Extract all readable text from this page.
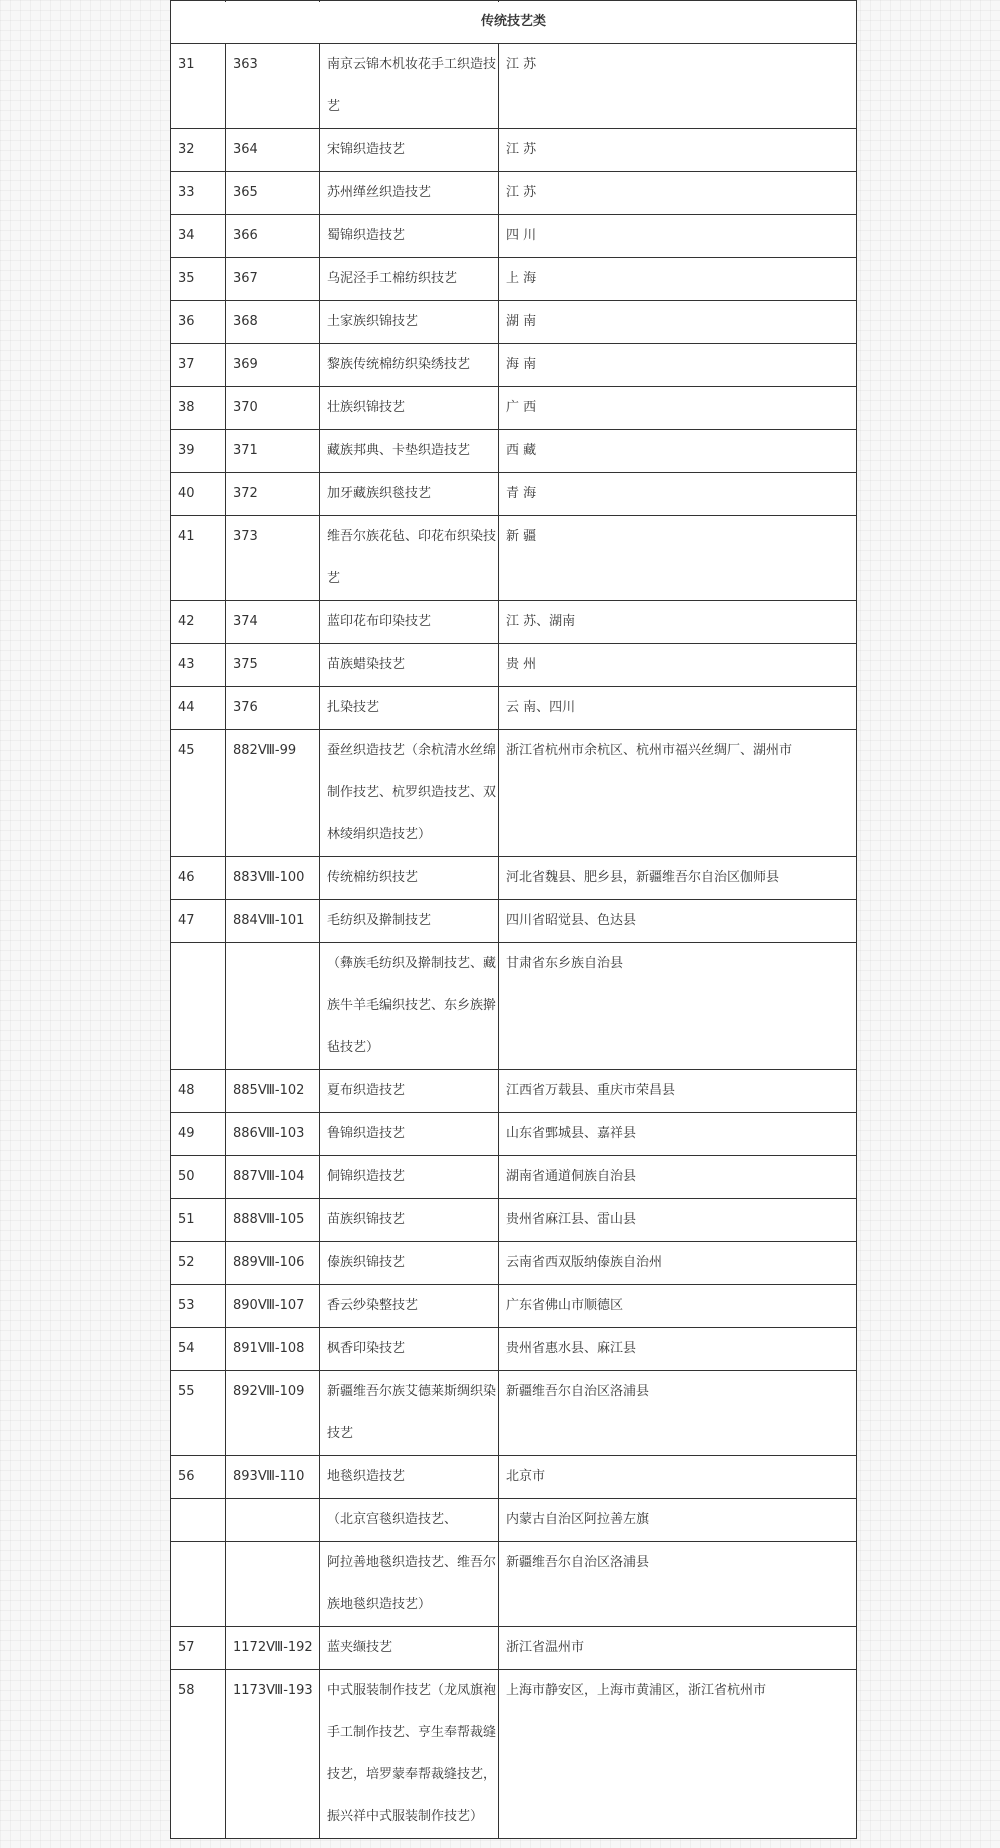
传统技艺类			
31	363	南京云锦木机妆花手工织造技艺	江 苏
32	364	宋锦织造技艺	江 苏
33	365	苏州缂丝织造技艺	江 苏
34	366	蜀锦织造技艺	四 川
35	367	乌泥泾手工棉纺织技艺	上 海
36	368	土家族织锦技艺	湖 南
37	369	黎族传统棉纺织染绣技艺	海 南
38	370	壮族织锦技艺	广 西
39	371	藏族邦典、卡垫织造技艺	西 藏
40	372	加牙藏族织毯技艺	青 海
41	373	维吾尔族花毡、印花布织染技艺	新 疆
42	374	蓝印花布印染技艺	江 苏、湖南
43	375	苗族蜡染技艺	贵 州
44	376	扎染技艺	云 南、四川
45	882Ⅷ-99	蚕丝织造技艺（余杭清水丝绵制作技艺、杭罗织造技艺、双林绫绢织造技艺）	浙江省杭州市余杭区、杭州市福兴丝绸厂、湖州市
46	883Ⅷ-100	传统棉纺织技艺	河北省魏县、肥乡县，新疆维吾尔自治区伽师县
47	884Ⅷ-101	毛纺织及擀制技艺	四川省昭觉县、色达县
		（彝族毛纺织及擀制技艺、藏族牛羊毛编织技艺、东乡族擀毡技艺）	甘肃省东乡族自治县
48	885Ⅷ-102	夏布织造技艺	江西省万载县、重庆市荣昌县
49	886Ⅷ-103	鲁锦织造技艺	山东省鄄城县、嘉祥县
50	887Ⅷ-104	侗锦织造技艺	湖南省通道侗族自治县
51	888Ⅷ-105	苗族织锦技艺	贵州省麻江县、雷山县
52	889Ⅷ-106	傣族织锦技艺	云南省西双版纳傣族自治州
53	890Ⅷ-107	香云纱染整技艺	广东省佛山市顺德区
54	891Ⅷ-108	枫香印染技艺	贵州省惠水县、麻江县
55	892Ⅷ-109	新疆维吾尔族艾德莱斯绸织染技艺	新疆维吾尔自治区洛浦县
56	893Ⅷ-110	地毯织造技艺	北京市
		（北京宫毯织造技艺、	内蒙古自治区阿拉善左旗
		阿拉善地毯织造技艺、维吾尔族地毯织造技艺）	新疆维吾尔自治区洛浦县
57	1172Ⅷ-192	蓝夹缬技艺	浙江省温州市
58	1173Ⅷ-193	中式服装制作技艺（龙凤旗袍手工制作技艺、亨生奉帮裁缝技艺，培罗蒙奉帮裁缝技艺，振兴祥中式服装制作技艺）	上海市静安区，上海市黄浦区，浙江省杭州市
